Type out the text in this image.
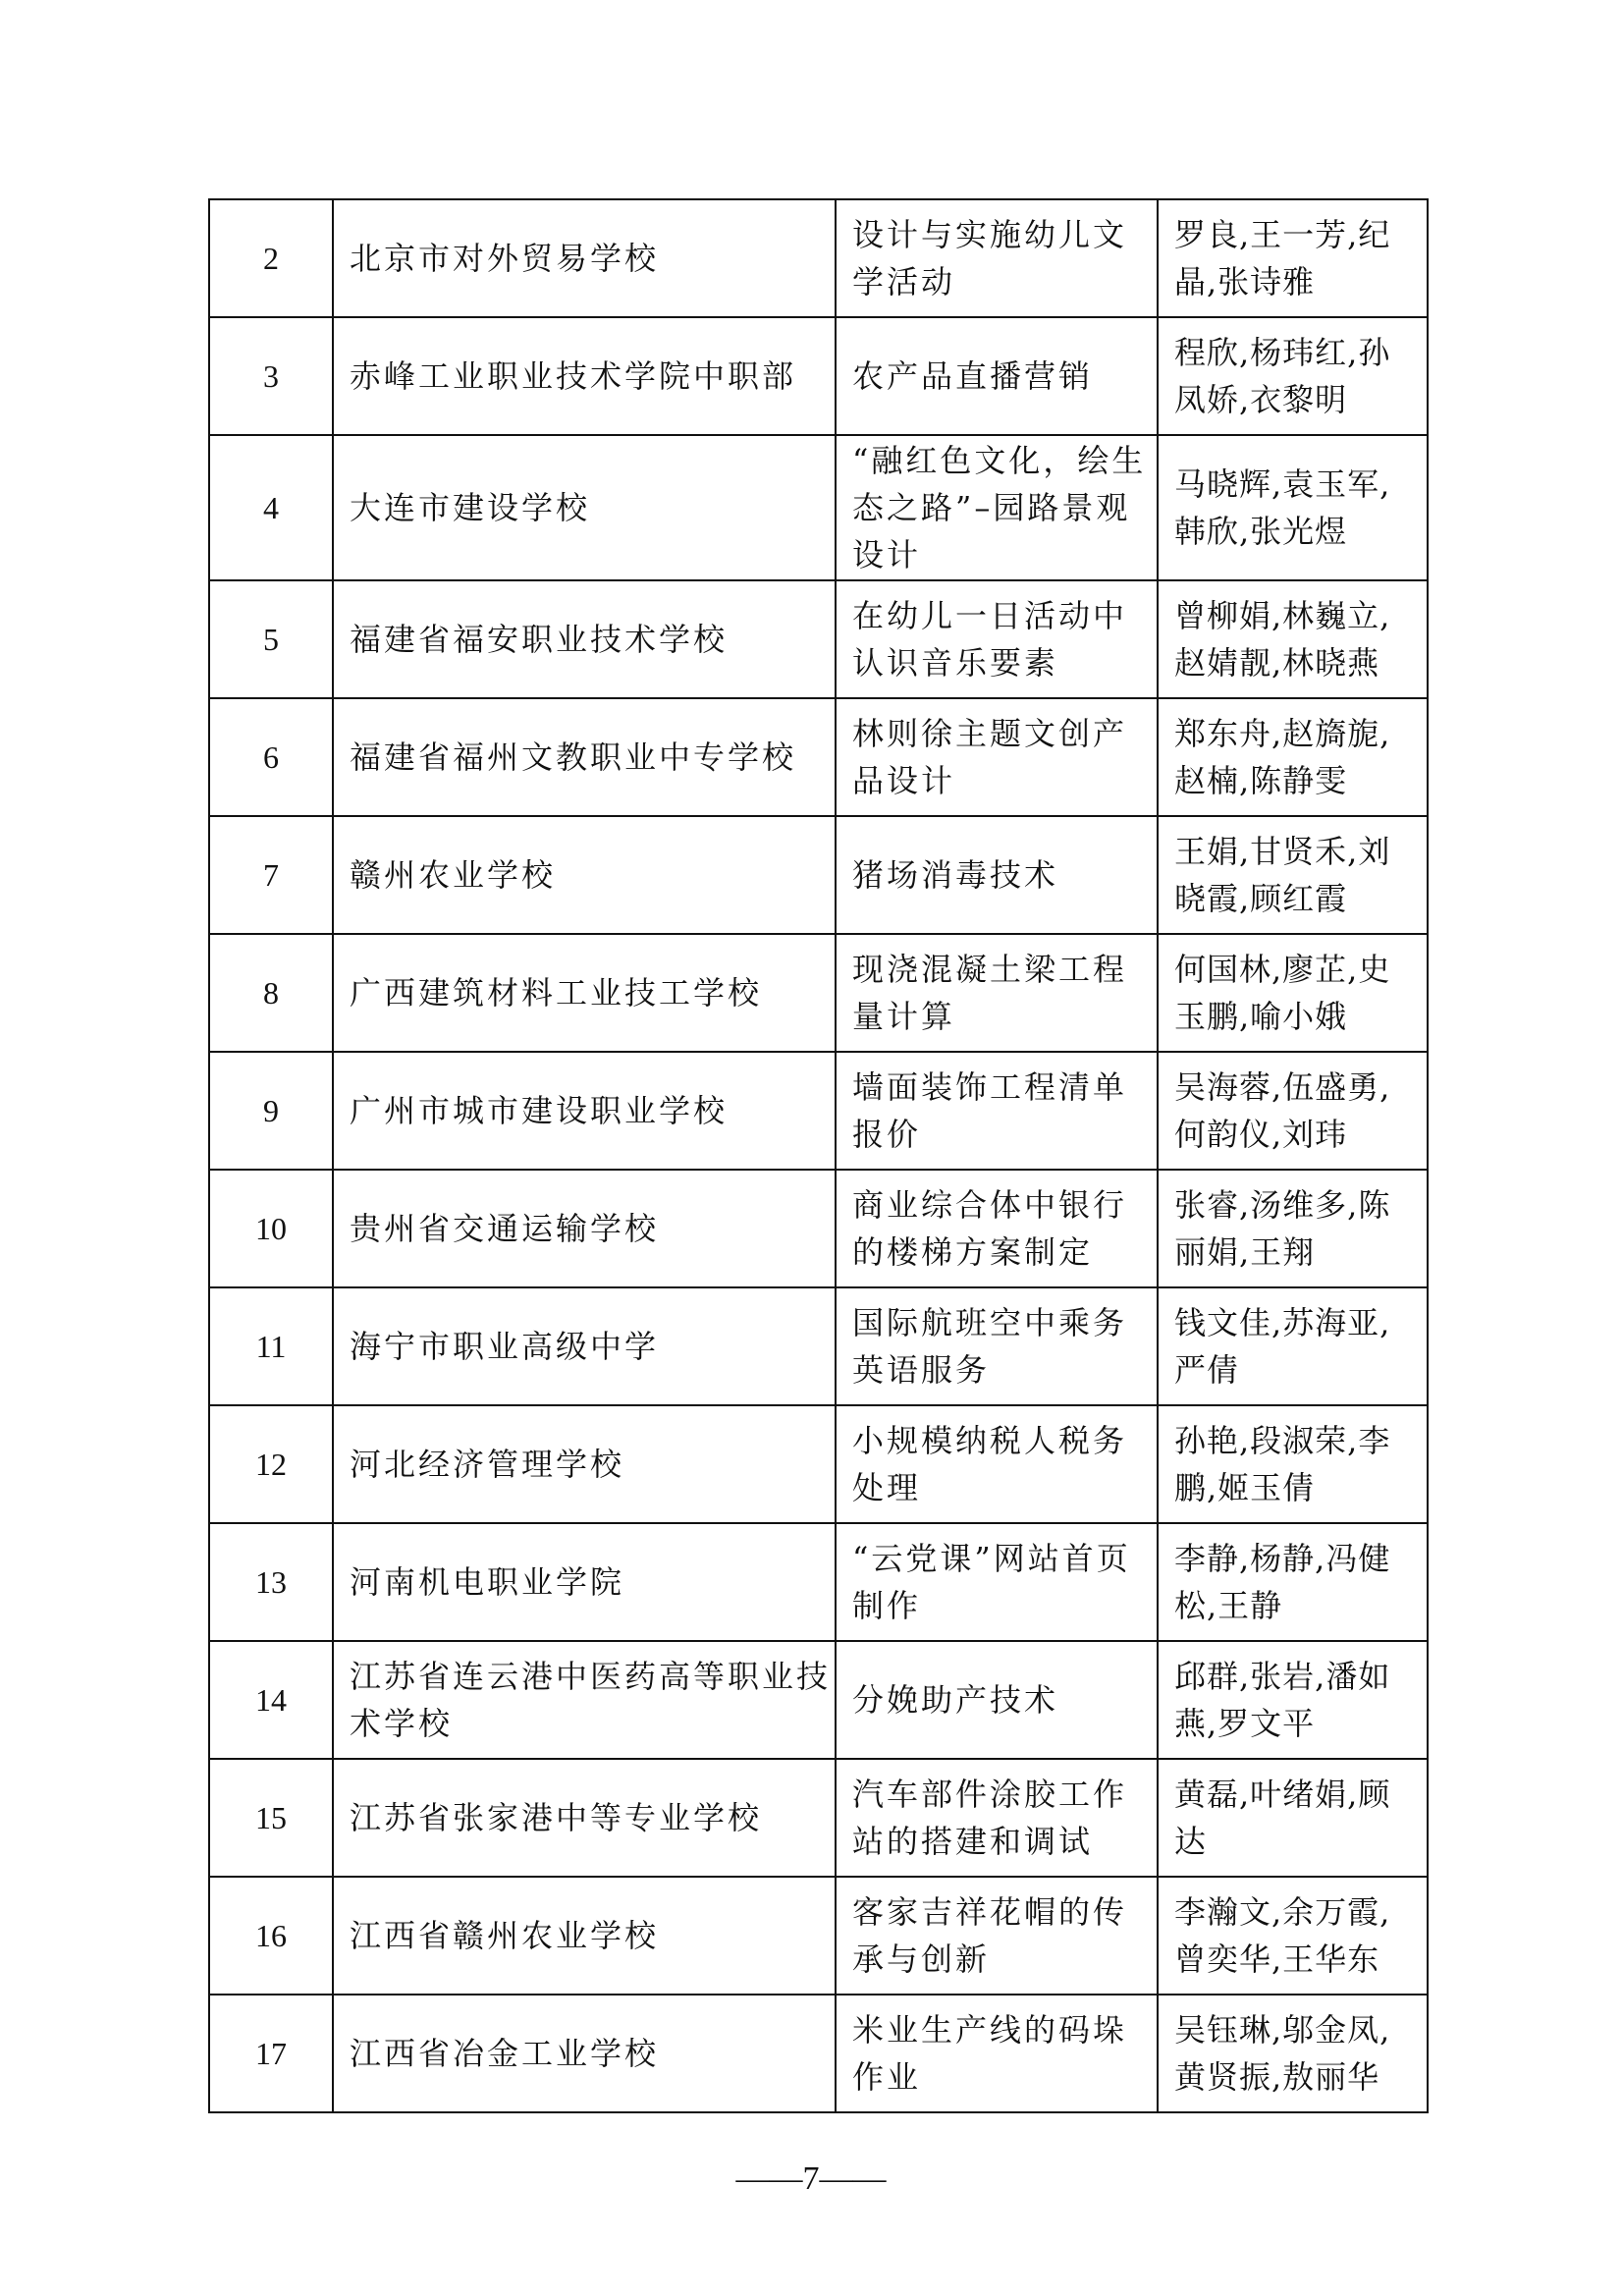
2	北京市对外贸易学校	设计与实施幼儿文
学活动	罗良,王一芳,纪
晶,张诗雅

3	赤峰工业职业技术学院中职部	农产品直播营销	程欣,杨玮红,孙
凤娇,衣黎明

4	大连市建设学校	“融红色文化，绘生
态之路”–园路景观
设计	马晓辉,袁玉军,
韩欣,张光煜

5	福建省福安职业技术学校	在幼儿一日活动中
认识音乐要素	曾柳娟,林巍立,
赵婧靓,林晓燕

6	福建省福州文教职业中专学校	林则徐主题文创产
品设计	郑东舟,赵旖旎,
赵楠,陈静雯

7	赣州农业学校	猪场消毒技术	王娟,甘贤禾,刘
晓霞,顾红霞

8	广西建筑材料工业技工学校	现浇混凝土梁工程
量计算	何国林,廖芷,史
玉鹏,喻小娥

9	广州市城市建设职业学校	墙面装饰工程清单
报价	吴海蓉,伍盛勇,
何韵仪,刘玮

10	贵州省交通运输学校	商业综合体中银行
的楼梯方案制定	张睿,汤维多,陈
丽娟,王翔

11	海宁市职业高级中学	国际航班空中乘务
英语服务	钱文佳,苏海亚,
严倩

12	河北经济管理学校	小规模纳税人税务
处理	孙艳,段淑荣,李
鹏,姬玉倩

13	河南机电职业学院	“云党课”网站首页
制作	李静,杨静,冯健
松,王静

14	江苏省连云港中医药高等职业技
术学校	分娩助产技术	邱群,张岩,潘如
燕,罗文平

15	江苏省张家港中等专业学校	汽车部件涂胶工作
站的搭建和调试	黄磊,叶绪娟,顾
达

16	江西省赣州农业学校	客家吉祥花帽的传
承与创新	李瀚文,余万霞,
曾奕华,王华东

17	江西省冶金工业学校	米业生产线的码垛
作业	吴钰琳,邬金凤,
黄贤振,敖丽华
——7——
